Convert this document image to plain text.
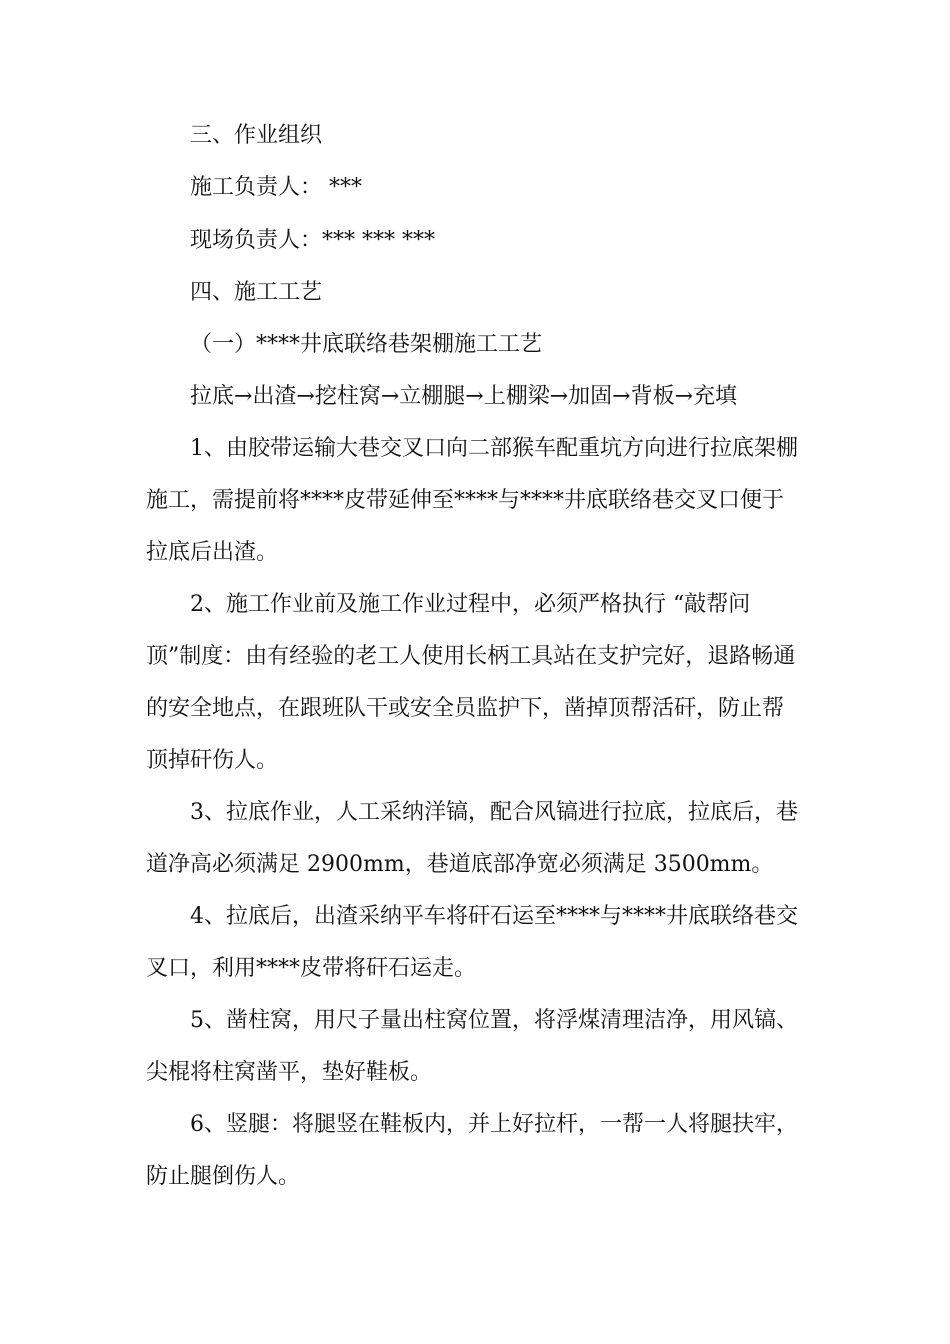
三、作业组织
施工负责人： ***
现场负责人：*** *** ***
四、施工工艺
（一）****井底联络巷架棚施工工艺
拉底→出渣→挖柱窝→立棚腿→上棚梁→加固→背板→充填
1、由胶带运输大巷交叉口向二部猴车配重坑方向进行拉底架棚
施工，需提前将****皮带延伸至****与****井底联络巷交叉口便于
拉底后出渣。
2、施工作业前及施工作业过程中，必须严格执行 “敲帮问
顶”制度：由有经验的老工人使用长柄工具站在支护完好，退路畅通
的安全地点，在跟班队干或安全员监护下，凿掉顶帮活矸，防止帮
顶掉矸伤人。
3、拉底作业，人工采纳洋镐，配合风镐进行拉底，拉底后，巷
道净高必须满足 2900mm，巷道底部净宽必须满足 3500mm。
4、拉底后，出渣采纳平车将矸石运至****与****井底联络巷交
叉口，利用****皮带将矸石运走。
5、凿柱窝，用尺子量出柱窝位置，将浮煤清理洁净，用风镐、
尖棍将柱窝凿平，垫好鞋板。
6、竖腿：将腿竖在鞋板内，并上好拉杆，一帮一人将腿扶牢，
防止腿倒伤人。
